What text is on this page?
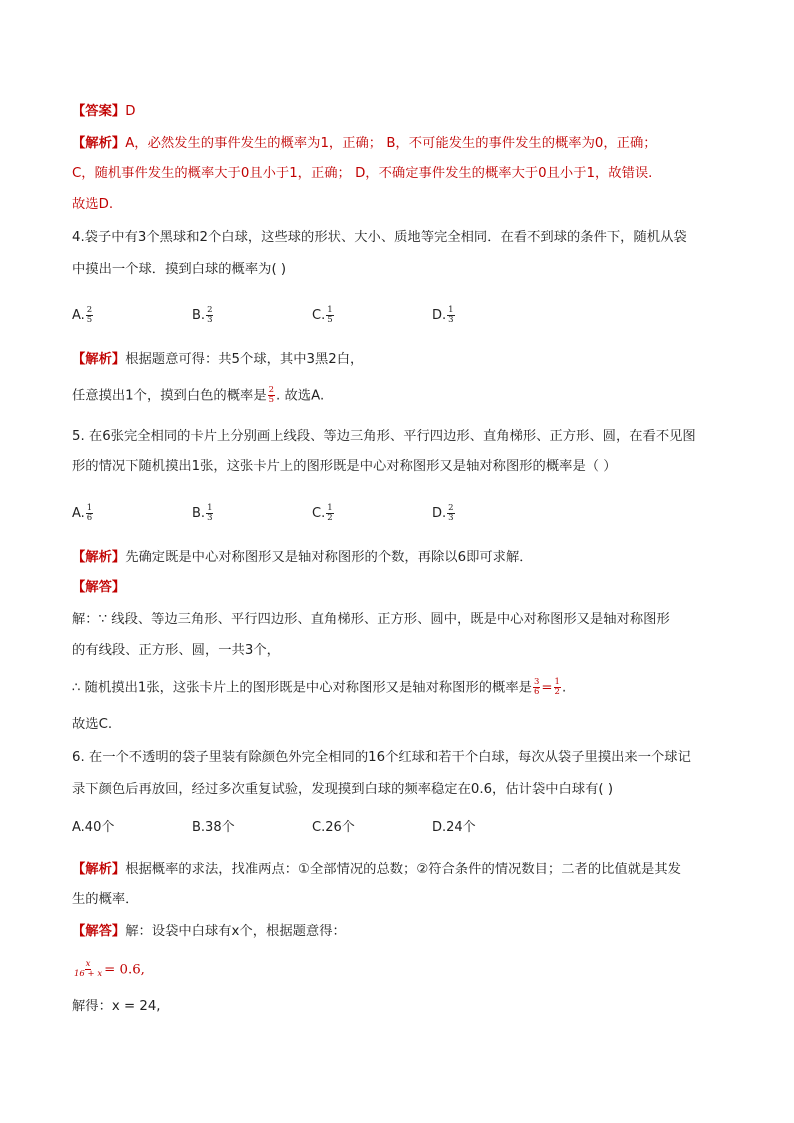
【答案】D
【解析】A，必然发生的事件发生的概率为1，正确； B，不可能发生的事件发生的概率为0，正确；
C，随机事件发生的概率大于0且小于1，正确； D，不确定事件发生的概率大于0且小于1，故错误.
故选D.
4.袋子中有3个黑球和2个白球，这些球的形状、大小、质地等完全相同．在看不到球的条件下，随机从袋
中摸出一个球．摸到白球的概率为( )
A. $\frac{2}{5}$	B. $\frac{2}{3}$	C. $\frac{1}{5}$	D. $\frac{1}{3}$
【解析】根据题意可得：共5个球，其中3黑2白，
任意摸出1个，摸到白色的概率是 $\frac{2}{5}$ . 故选A.
5. 在6张完全相同的卡片上分别画上线段、等边三角形、平行四边形、直角梯形、正方形、圆，在看不见图
形的情况下随机摸出1张，这张卡片上的图形既是中心对称图形又是轴对称图形的概率是（ ）
A. $\frac{1}{6}$	B. $\frac{1}{3}$	C. $\frac{1}{2}$	D. $\frac{2}{3}$
【解析】先确定既是中心对称图形又是轴对称图形的个数，再除以6即可求解．
【解答】
解：∵ 线段、等边三角形、平行四边形、直角梯形、正方形、圆中，既是中心对称图形又是轴对称图形
的有线段、正方形、圆，一共3个，
∴ 随机摸出1张，这张卡片上的图形既是中心对称图形又是轴对称图形的概率是 $\frac{3}{6} = \frac{1}{2}$ .
故选C.
6. 在一个不透明的袋子里装有除颜色外完全相同的16个红球和若干个白球，每次从袋子里摸出来一个球记
录下颜色后再放回，经过多次重复试验，发现摸到白球的频率稳定在0.6，估计袋中白球有( )
A.40个	B.38个	C.26个	D.24个
【解析】根据概率的求法，找准两点：①全部情况的总数；②符合条件的情况数目；二者的比值就是其发
生的概率．
【解答】解：设袋中白球有x个，根据题意得：
$\frac{x}{16 + x} = 0.6$,
解得：x = 24,
